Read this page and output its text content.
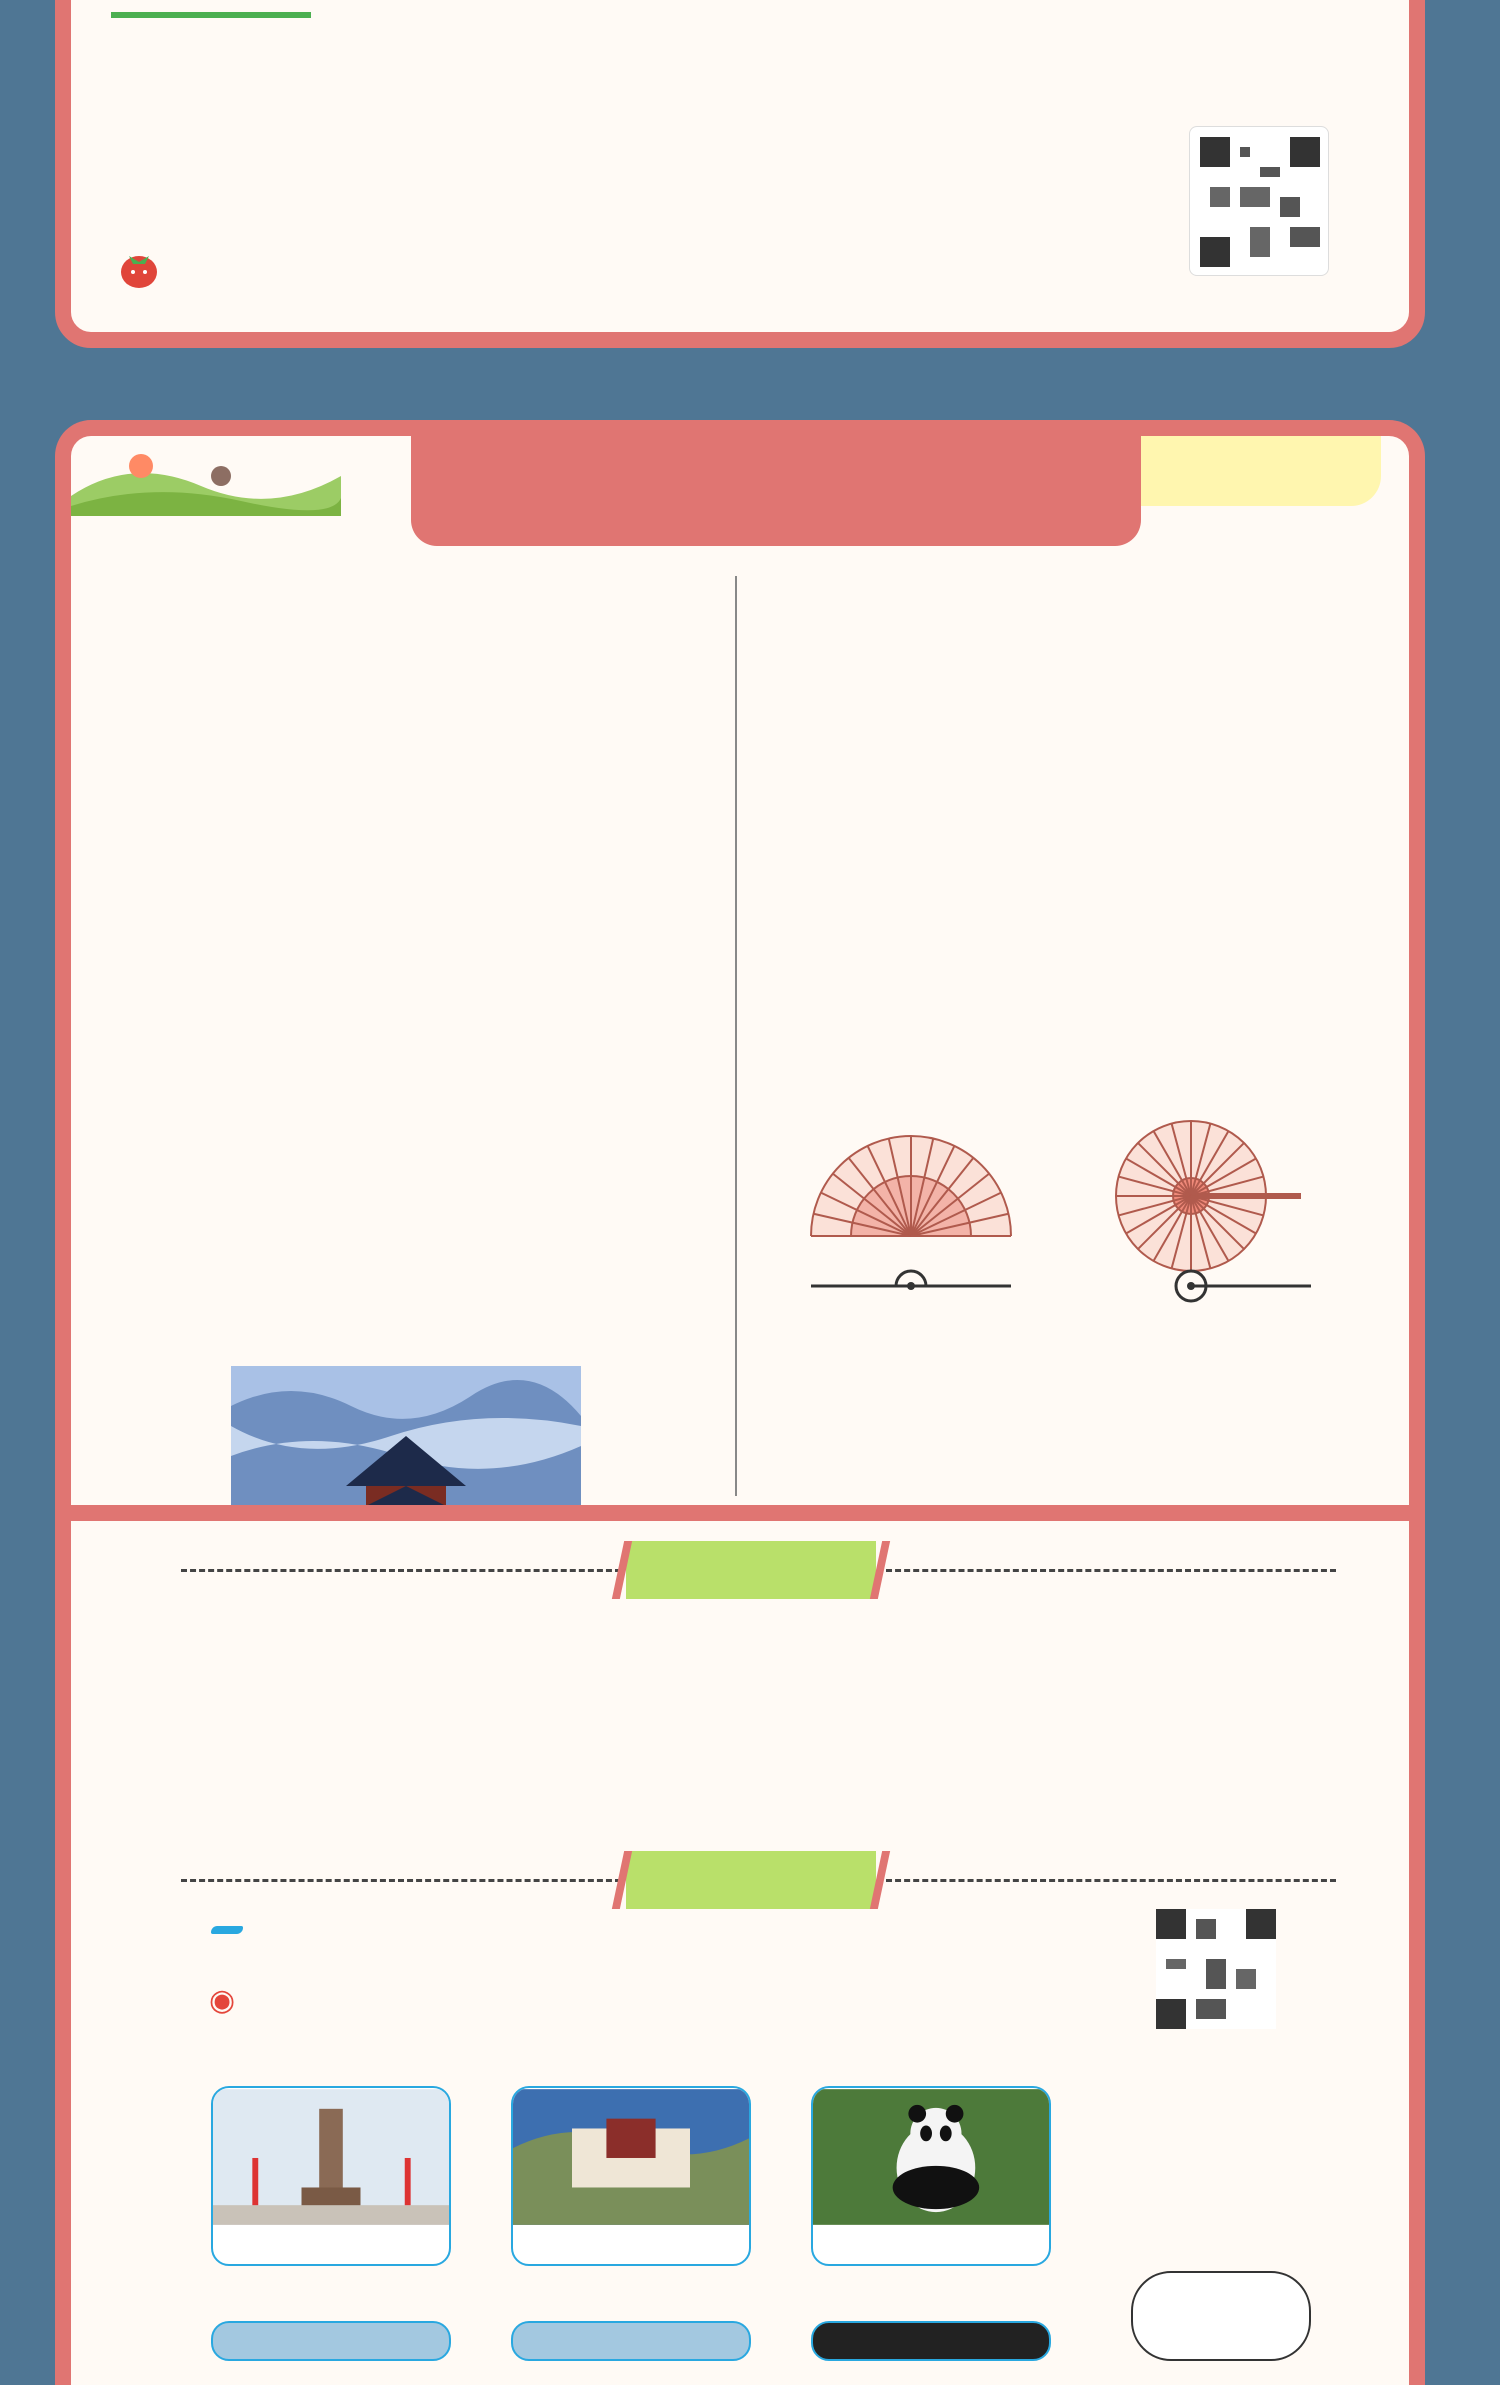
◉
